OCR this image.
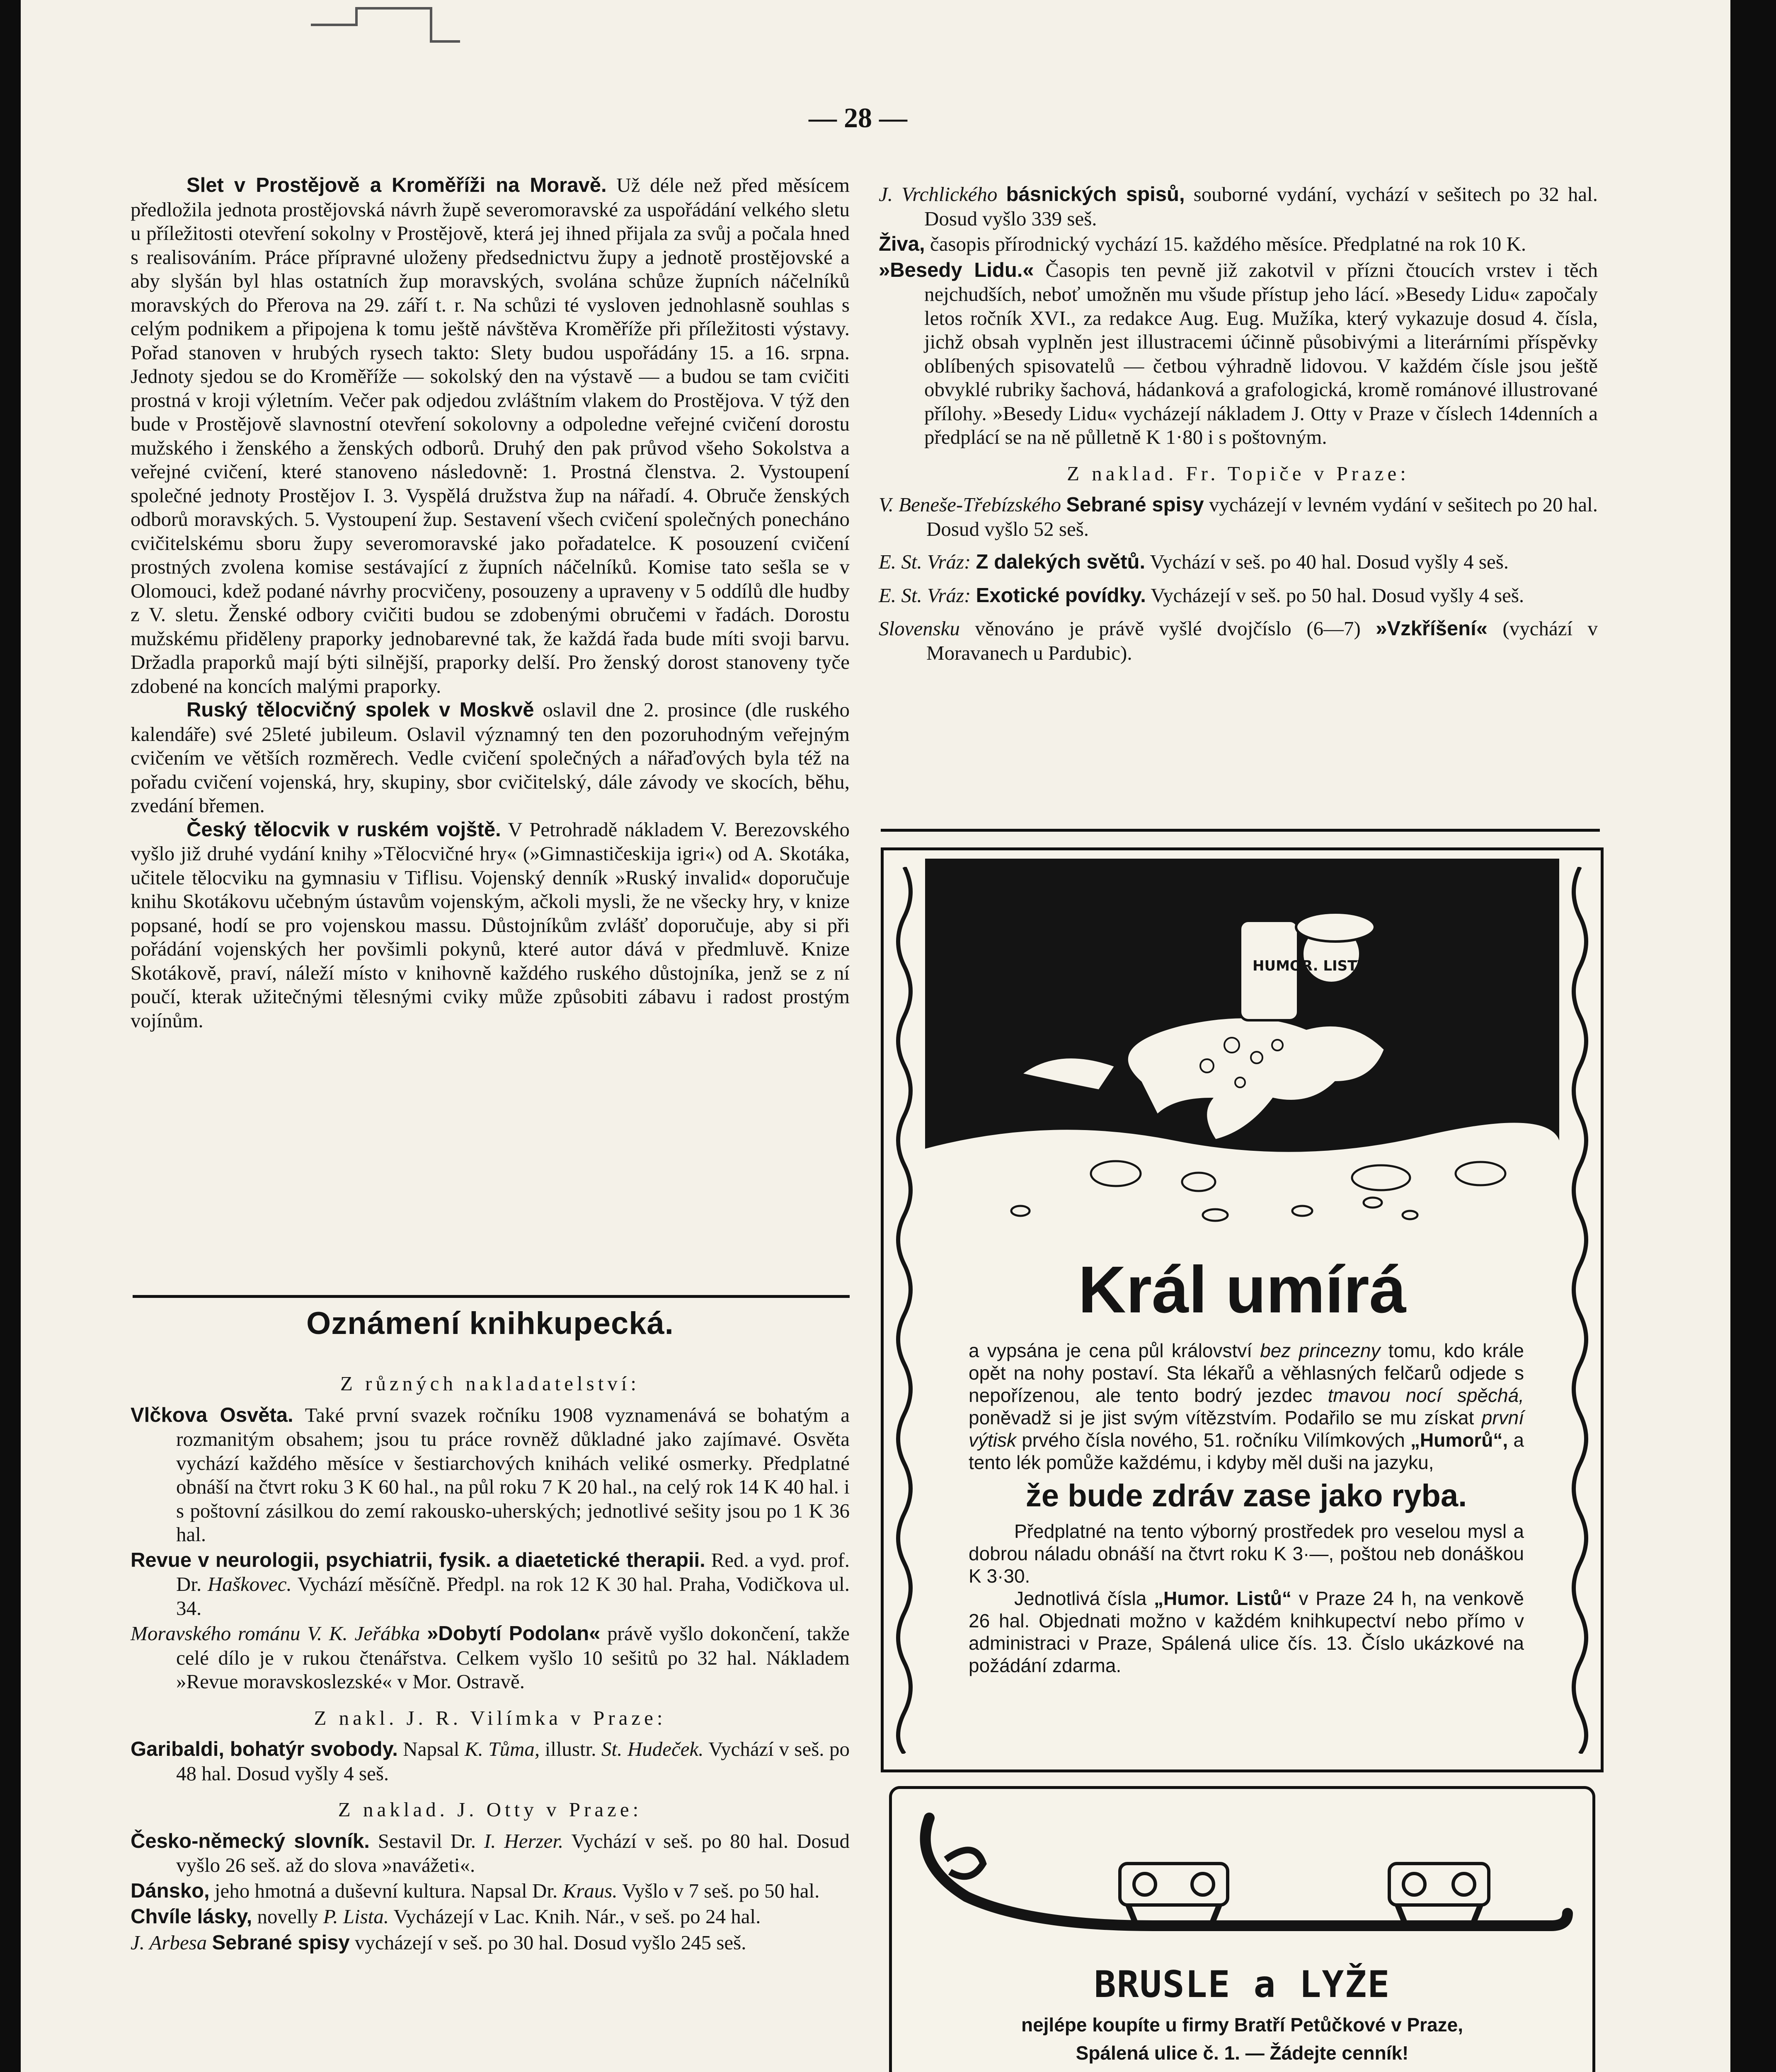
— 28 —

Slet v Prostějově a Kroměříži na Moravě. Už déle než před měsícem předložila jednota prostějovská návrh župě severomoravské za uspořádání velkého sletu u příležitosti otevření sokolny v Prostějově, která jej ihned přijala za svůj a počala hned s realisováním. Práce přípravné uloženy předsednictvu župy a jednotě prostějovské a aby slyšán byl hlas ostatních žup moravských, svolána schůze župních náčelníků moravských do Přerova na 29. září t. r. Na schůzi té vysloven jednohlasně souhlas s celým podnikem a připojena k tomu ještě návštěva Kroměříže při příležitosti výstavy. Pořad stanoven v hrubých rysech takto: Slety budou uspořádány 15. a 16. srpna. Jednoty sjedou se do Kroměříže — sokolský den na výstavě — a budou se tam cvičiti prostná v kroji výletním. Večer pak odjedou zvláštním vlakem do Prostějova. V týž den bude v Prostějově slavnostní otevření sokolovny a odpoledne veřejné cvičení dorostu mužského i ženského a ženských odborů. Druhý den pak průvod všeho Sokolstva a veřejné cvičení, které stanoveno následovně: 1. Prostná členstva. 2. Vystoupení společné jednoty Prostějov I. 3. Vyspělá družstva žup na nářadí. 4. Obruče ženských odborů moravských. 5. Vystoupení žup. Sestavení všech cvičení společných ponecháno cvičitelskému sboru župy severomoravské jako pořadatelce. K posouzení cvičení prostných zvolena komise sestávající z župních náčelníků. Komise tato sešla se v Olomouci, kdež podané návrhy procvičeny, posouzeny a upraveny v 5 oddílů dle hudby z V. sletu. Ženské odbory cvičiti budou se zdobenými obručemi v řadách. Dorostu mužskému přiděleny praporky jednobarevné tak, že každá řada bude míti svoji barvu. Držadla praporků mají býti silnější, praporky delší. Pro ženský dorost stanoveny tyče zdobené na koncích malými praporky.

Ruský tělocvičný spolek v Moskvě oslavil dne 2. prosince (dle ruského kalendáře) své 25leté jubileum. Oslavil významný ten den pozoruhodným veřejným cvičením ve větších rozměrech. Vedle cvičení společných a nářaďových byla též na pořadu cvičení vojenská, hry, skupiny, sbor cvičitelský, dále závody ve skocích, běhu, zvedání břemen.

Český tělocvik v ruském vojště. V Petrohradě nákladem V. Berezovského vyšlo již druhé vydání knihy »Tělocvičné hry« (»Gimnastičeskija igri«) od A. Skotáka, učitele tělocviku na gymnasiu v Tiflisu. Vojenský denník »Ruský invalid« doporučuje knihu Skotákovu učebným ústavům vojenským, ačkoli mysli, že ne všecky hry, v knize popsané, hodí se pro vojenskou massu. Důstojníkům zvlášť doporučuje, aby si při pořádání vojenských her povšimli pokynů, které autor dává v předmluvě. Knize Skotákově, praví, náleží místo v knihovně každého ruského důstojníka, jenž se z ní poučí, kterak užitečnými tělesnými cviky může způsobiti zábavu i radost prostým vojínům.

Oznámení knihkupecká.

Z různých nakladatelství:

Vlčkova Osvěta. Také první svazek ročníku 1908 vyznamenává se bohatým a rozmanitým obsahem; jsou tu práce rovněž důkladné jako zajímavé. Osvěta vychází každého měsíce v šestiarchových knihách veliké osmerky. Předplatné obnáší na čtvrt roku 3 K 60 hal., na půl roku 7 K 20 hal., na celý rok 14 K 40 hal. i s poštovní zásilkou do zemí rakousko-uherských; jednotlivé sešity jsou po 1 K 36 hal.

Revue v neurologii, psychiatrii, fysik. a diaetetické therapii. Red. a vyd. prof. Dr. Haškovec. Vychází měsíčně. Předpl. na rok 12 K 30 hal. Praha, Vodičkova ul. 34.

Moravského románu V. K. Jeřábka »Dobytí Podolan« právě vyšlo dokončení, takže celé dílo je v rukou čtenářstva. Celkem vyšlo 10 sešitů po 32 hal. Nákladem »Revue moravskoslezské« v Mor. Ostravě.

Z nakl. J. R. Vilímka v Praze:

Garibaldi, bohatýr svobody. Napsal K. Tůma, illustr. St. Hudeček. Vychází v seš. po 48 hal. Dosud vyšly 4 seš.

Z naklad. J. Otty v Praze:

Česko-německý slovník. Sestavil Dr. I. Herzer. Vychází v seš. po 80 hal. Dosud vyšlo 26 seš. až do slova »navážeti«.

Dánsko, jeho hmotná a duševní kultura. Napsal Dr. Kraus. Vyšlo v 7 seš. po 50 hal.

Chvíle lásky, novelly P. Lista. Vycházejí v Lac. Knih. Nár., v seš. po 24 hal.

J. Arbesa Sebrané spisy vycházejí v seš. po 30 hal. Dosud vyšlo 245 seš.

J. Vrchlického básnických spisů, souborné vydání, vychází v sešitech po 32 hal. Dosud vyšlo 339 seš.

Živa, časopis přírodnický vychází 15. každého měsíce. Předplatné na rok 10 K.

»Besedy Lidu.« Časopis ten pevně již zakotvil v přízni čtoucích vrstev i těch nejchudších, neboť umožněn mu všude přístup jeho lácí. »Besedy Lidu« započaly letos ročník XVI., za redakce Aug. Eug. Mužíka, který vykazuje dosud 4. čísla, jichž obsah vyplněn jest illustracemi účinně působivými a literárními příspěvky oblíbených spisovatelů — četbou výhradně lidovou. V každém čísle jsou ještě obvyklé rubriky šachová, hádanková a grafologická, kromě románové illustrované přílohy. »Besedy Lidu« vycházejí nákladem J. Otty v Praze v číslech 14denních a předplácí se na ně půlletně K 1·80 i s poštovným.

Z naklad. Fr. Topiče v Praze:

V. Beneše-Třebízského Sebrané spisy vycházejí v levném vydání v sešitech po 20 hal. Dosud vyšlo 52 seš.

E. St. Vráz: Z dalekých světů. Vychází v seš. po 40 hal. Dosud vyšly 4 seš.

E. St. Vráz: Exotické povídky. Vycházejí v seš. po 50 hal. Dosud vyšly 4 seš.

Slovensku věnováno je právě vyšlé dvojčíslo (6—7) »Vzkříšení« (vychází v Moravanech u Pardubic).

HUMOR. LISTY
Král umírá

a vypsána je cena půl království bez princezny tomu, kdo krále opět na nohy postaví. Sta lékařů a věhlasných felčarů odjede s nepořízenou, ale tento bodrý jezdec tmavou nocí spěchá, poněvadž si je jist svým vítězstvím. Podařilo se mu získat první výtisk prvého čísla nového, 51. ročníku Vilímkových „Humorů“, a tento lék pomůže každému, i kdyby měl duši na jazyku,

že bude zdráv zase jako ryba.

Předplatné na tento výborný prostředek pro veselou mysl a dobrou náladu obnáší na čtvrt roku K 3·—, poštou neb donáškou K 3·30.

Jednotlivá čísla „Humor. Listů“ v Praze 24 h, na venkově 26 hal. Objednati možno v každém knihkupectví nebo přímo v administraci v Praze, Spálená ulice čís. 13. Číslo ukázkové na požádání zdarma.

BRUSLE a LYŽE
nejlépe koupíte u firmy Bratří Petůčkové v Praze,
Spálená ulice č. 1. — Žádejte cenník!
